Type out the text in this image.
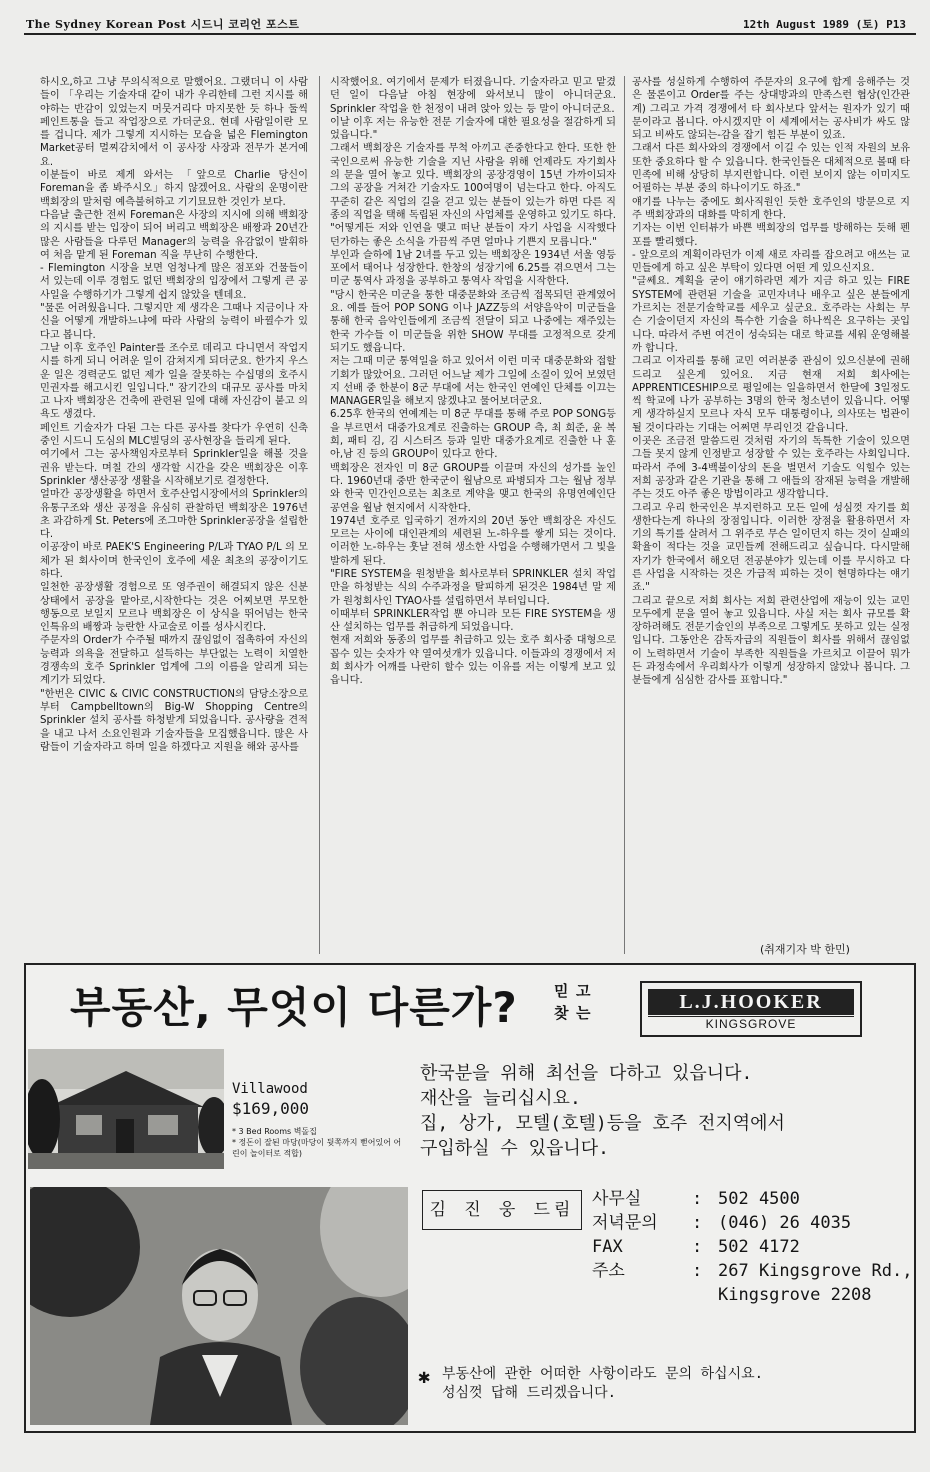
The Sydney Korean Post 시드니 코리언 포스트	12th August 1989 (토) P13

하시오,하고 그냥 무의식적으로 말했어요. 그랬더니 이 사람들이 「우리는 기술자대 같이 내가 우리한테 그런 지시를 해야하는 반감이 있었는지 머뭇거리다 마지못한 듯 하나 둘씩 페인트통을 들고 작업장으로 가더군요. 현데 사람일이란 모를 겁니다. 제가 그렇게 지시하는 모습을 넓은 Flemington Market공터 멀찌감치에서 이 공사장 사장과 전무가 본거예요.

이분들이 바로 제게 와서는 「앞으로 Charlie 당신이 Foreman을 좀 봐주시오」하지 않겠어요. 사람의 운명이란 백회장의 말처럼 예측불허하고 기기묘묘한 것인가 보다.

다음날 출근한 전씨 Foreman은 사장의 지시에 의해 백회장의 지시를 받는 입장이 되어 버리고 백회장은 배짱과 20년간 많은 사람들을 다루던 Manager의 능력을 유감없이 발휘하여 처음 맡게 된 Foreman 직을 무난히 수행한다.

- Flemington 시장을 보면 엄청나게 많은 점포와 건물들이 서 있는데 이루 경험도 없던 백회장의 입장에서 그렇게 큰 공사일을 수행하기가 그렇게 쉽지 않았을 텐데요.

"물론 어려웠읍니다. 그렇지만 제 생각은 그때나 지금이나 자신을 어떻게 개발하느냐에 따라 사람의 능력이 바뀔수가 있다고 봅니다.

그날 이후 호주인 Painter를 조수로 데리고 다니면서 작업지시를 하게 되니 어려운 일이 감쳐지게 되더군요. 한가지 우스운 일은 경력군도 없던 제가 일을 잘못하는 수십명의 호주시민권자를 해고시킨 일입니다." 잠기간의 대규모 공사를 마치고 나자 백회장은 건축에 관련된 일에 대해 자신감이 붙고 의욕도 생겼다.

페인트 기술자가 다된 그는 다른 공사를 찾다가 우연히 신축중인 시드니 도심의 MLC빌딩의 공사현장을 들리게 된다.

여기에서 그는 공사책임자로부터 Sprinkler일을 해볼 것을 권유 받는다. 며칠 간의 생각할 시간을 갖은 백회장은 이후 Sprinkler 생산공장 생활을 시작해보기로 결정한다.

얼마간 공장생활을 하면서 호주산업시장에서의 Sprinkler의 유통구조와 생산 공정을 유심히 관찰하던 백회장은 1976년 초 과감하게 St. Peters에 조그마한 Sprinkler공장을 설립한다.

이공장이 바로 PAEK'S Engineering P/L과 TYAO P/L 의 모체가 된 회사이며 한국인이 호주에 세운 최초의 공장이기도 하다.

일천한 공장생활 경험으로 또 영주권이 해결되지 않은 신분 상태에서 공장을 맡아로,시작한다는 것은 어찌보면 무모한 행동으로 보일지 모르나 백회장은 이 상식을 뛰어넘는 한국인특유의 배짱과 능란한 사교술로 이를 성사시킨다.

주문자의 Order가 수주될 때까지 끊임없이 접촉하여 자신의 능력과 의욕을 전달하고 설득하는 부단없는 노력이 치열한 경쟁속의 호주 Sprinkler 업계에 그의 이름을 알리게 되는 계기가 되었다.

"한번은 CIVIC & CIVIC CONSTRUCTION의 담당소장으로부터 Campbelltown의 Big-W Shopping Centre의 Sprinkler 설치 공사를 하청받게 되었읍니다. 공사량을 견적을 내고 나서 소요인원과 기술자들을 모집했읍니다. 많은 사람들이 기술자라고 하며 일을 하겠다고 지원을 해와 공사를

시작했어요. 여기에서 문제가 터졌읍니다. 기술자라고 믿고 맡겼던 일이 다음날 아침 현장에 와서보니 많이 아니더군요. Sprinkler 작업을 한 천정이 내려 앉아 있는 등 말이 아니더군요.

이날 이후 저는 유능한 전문 기술자에 대한 필요성을 절감하게 되었읍니다."

그래서 백회장은 기술자를 무척 아끼고 존중한다고 한다. 또한 한국인으로써 유능한 기술을 지닌 사람을 위해 언제라도 자기회사의 문을 열어 놓고 있다. 백회장의 공장경영이 15년 가까이되자 그의 공장을 거쳐간 기술자도 100여명이 넘는다고 한다. 아직도 꾸준히 같은 직업의 길을 걷고 있는 분들이 있는가 하면 다른 직종의 직업을 택해 독립된 자신의 사업체를 운영하고 있기도 하다. "어떻게든 저와 인연을 맺고 떠난 분들이 자기 사업을 시작했다던가하는 좋은 소식을 가끔씩 주면 얼마나 기쁜지 모릅니다."

부인과 슬하에 1남 2녀를 두고 있는 백회장은 1934년 서울 영등포에서 태어나 성장한다. 한창의 성장기에 6.25를 겪으면서 그는 미군 통역사 과정을 공부하고 통역사 작업을 시작한다.

"당시 한국은 미군을 통한 대중문화와 조금씩 접목되던 관계였어요. 예를 들어 POP SONG 이나 JAZZ등의 서양음악이 미군들을 통해 한국 음악인들에게 조금씩 전달이 되고 나중에는 재주있는 한국 가수들 이 미군들을 위한 SHOW 무대를 고정적으로 갖게 되기도 했읍니다.

저는 그때 미군 통역일을 하고 있어서 이런 미국 대중문화와 접할 기회가 많았어요. 그러던 어느날 제가 그일에 소질이 있어 보였던지 선배 중 한분이 8군 무대에 서는 한국인 연예인 단체를 이끄는 MANAGER일을 해보지 않겠냐고 물어보더군요.

6.25후 한국의 연예계는 미 8군 무대를 통해 주로 POP SONG등을 부르면서 대중가요계로 진출하는 GROUP 측, 최 희준, 윤 복희, 패티 김, 김 시스터즈 등과 일반 대중가요계로 진출한 나 훈아,남 진 등의 GROUP이 있다고 한다.

백회장은 전자인 미 8군 GROUP를 이끌며 자신의 성가를 높인다. 1960년대 중반 한국군이 월남으로 파병되자 그는 월남 정부와 한국 민간인으로는 최초로 계약을 맺고 한국의 유명연예인단 공연을 월남 현지에서 시작한다.

1974년 호주로 입국하기 전까지의 20년 동안 백회장은 자신도 모르는 사이에 대인관계의 세련된 노-하우를 쌓게 되는 것이다. 이러한 노-하우는 훗날 전혀 생소한 사업을 수행해가면서 그 빛을 발하게 된다.

"FIRE SYSTEM을 원청받을 회사로부터 SPRINKLER 설치 작업만을 하청받는 식의 수주과정을 탈피하게 된것은 1984년 말 제가 원청회사인 TYAO사를 설립하면서 부터입니다.

이때부터 SPRINKLER작업 뿐 아니라 모든 FIRE SYSTEM을 생산 설치하는 업무를 취급하게 되었읍니다.

현재 저희와 동종의 업무를 취급하고 있는 호주 회사중 대형으로 꼽수 있는 숫자가 약 열여섯개가 있읍니다. 이들과의 경쟁에서 저희 회사가 어깨를 나란히 할수 있는 이유를 저는 이렇게 보고 있읍니다.

공사를 성실하게 수행하여 주문자의 요구에 합게 응해주는 것은 물론이고 Order를 주는 상대방과의 만족스런 협상(인간관계) 그리고 가격 경쟁에서 타 회사보다 앞서는 원자가 있기 때문이라고 봅니다. 아시겠지만 이 세계에서는 공사비가 싸도 않되고 비싸도 않되는-감을 잡기 힘든 부분이 있죠.

그래서 다른 회사와의 경쟁에서 이길 수 있는 인적 자원의 보유 또한 중요하다 할 수 있읍니다. 한국인들은 대체적으로 볼때 타민족에 비해 상당히 부지런합니다. 이런 보이지 않는 이미지도 어필하는 부분 중의 하나이기도 하죠."

얘기를 나누는 중에도 회사직원인 듯한 호주인의 방문으로 지주 백회장과의 대화를 막히게 한다.

기자는 이번 인터뷰가 바쁜 백회장의 업무를 방해하는 듯해 펜포를 빨리했다.

- 앞으로의 계획이라던가 이제 새로 자리를 잡으려고 애쓰는 교민들에게 하고 싶은 부탁이 있다면 어떤 게 있으신지요.

"글쎄요. 계획을 굳이 얘기하라면 제가 지금 하고 있는 FIRE SYSTEM에 관련된 기술을 교민자녀나 배우고 싶은 분들에게 가르치는 전문기술학교를 세우고 싶군요. 호주라는 사회는 무슨 기술이던지 자신의 특수한 기술을 하나씩은 요구하는 곳입니다. 따라서 주변 여건이 성숙되는 대로 학교를 세워 운영해볼까 합니다.

그리고 이자리를 통해 교민 여러분중 관심이 있으신분에 권해드리고 싶은게 있어요. 지금 현재 저희 회사에는 APPRENTICESHIP으로 평일에는 일을하면서 한달에 3일정도씩 학교에 나가 공부하는 3명의 한국 청소년이 있읍니다. 어떻게 생각하실지 모르나 자식 모두 대통령이나, 의사또는 법관이 될 것이다라는 기대는 어쩌면 무리인것 같읍니다.

이곳은 조금전 말씀드린 것처럼 자기의 독특한 기술이 있으면 그들 못지 않게 인정받고 성장할 수 있는 호주라는 사회입니다. 따라서 주에 3-4백불이상의 돈을 벌면서 기술도 익힐수 있는 저희 공장과 같은 기관을 통해 그 애들의 잠재된 능력을 개발해주는 것도 아주 좋은 방법이라고 생각합니다.

그리고 우리 한국인은 부지런하고 모든 일에 성심껏 자기를 희생한다는게 하나의 장점입니다. 이러한 장점을 활용하면서 자기의 특기를 살려서 그 위주로 무슨 일이던지 하는 것이 실패의 확율이 적다는 것을 교민들께 전해드리고 싶습니다. 다시말해 자기가 한국에서 해오던 전공분야가 있는데 이를 무시하고 다른 사업을 시작하는 것은 가급적 피하는 것이 현명하다는 얘기죠."

그리고 끝으로 저희 회사는 저희 관련산업에 재능이 있는 교민 모두에게 문을 열어 놓고 있읍니다. 사실 저는 회사 규모를 확장하려해도 전문기술인의 부족으로 그렇게도 못하고 있는 실정입니다. 그동안은 감독자급의 직원들이 회사를 위해서 끊임없이 노력하면서 기술이 부족한 직원들을 가르치고 이끌어 뭐가든 과정속에서 우리회사가 이렇게 성장하지 않았나 봅니다. 그분들에게 심심한 감사를 표합니다."

(취재기자 박 한민)
부동산, 무엇이 다른가? 믿 고
찾 는	L.J.HOOKER
KINGSGROVE
Villawood
$169,000
* 3 Bed Rooms 벽돌집
* 정돈이 잘된 마당(마당이 뒷쪽까지 뻗어있어 어린이 놀이터로 적합)
한국분을 위해 최선을 다하고 있읍니다.
재산을 늘리십시요.
집, 상가, 모텔(호텔)등을 호주 전지역에서
구입하실 수 있읍니다.
김 진 웅 드림
사무실	: 502 4500
저녁문의	: (046) 26 4035
FAX	: 502 4172
주소	: 267 Kingsgrove Rd.,
Kingsgrove 2208
✱ 부동산에 관한 어떠한 사항이라도 문의 하십시요.
성심껏 답해 드리겠읍니다.
